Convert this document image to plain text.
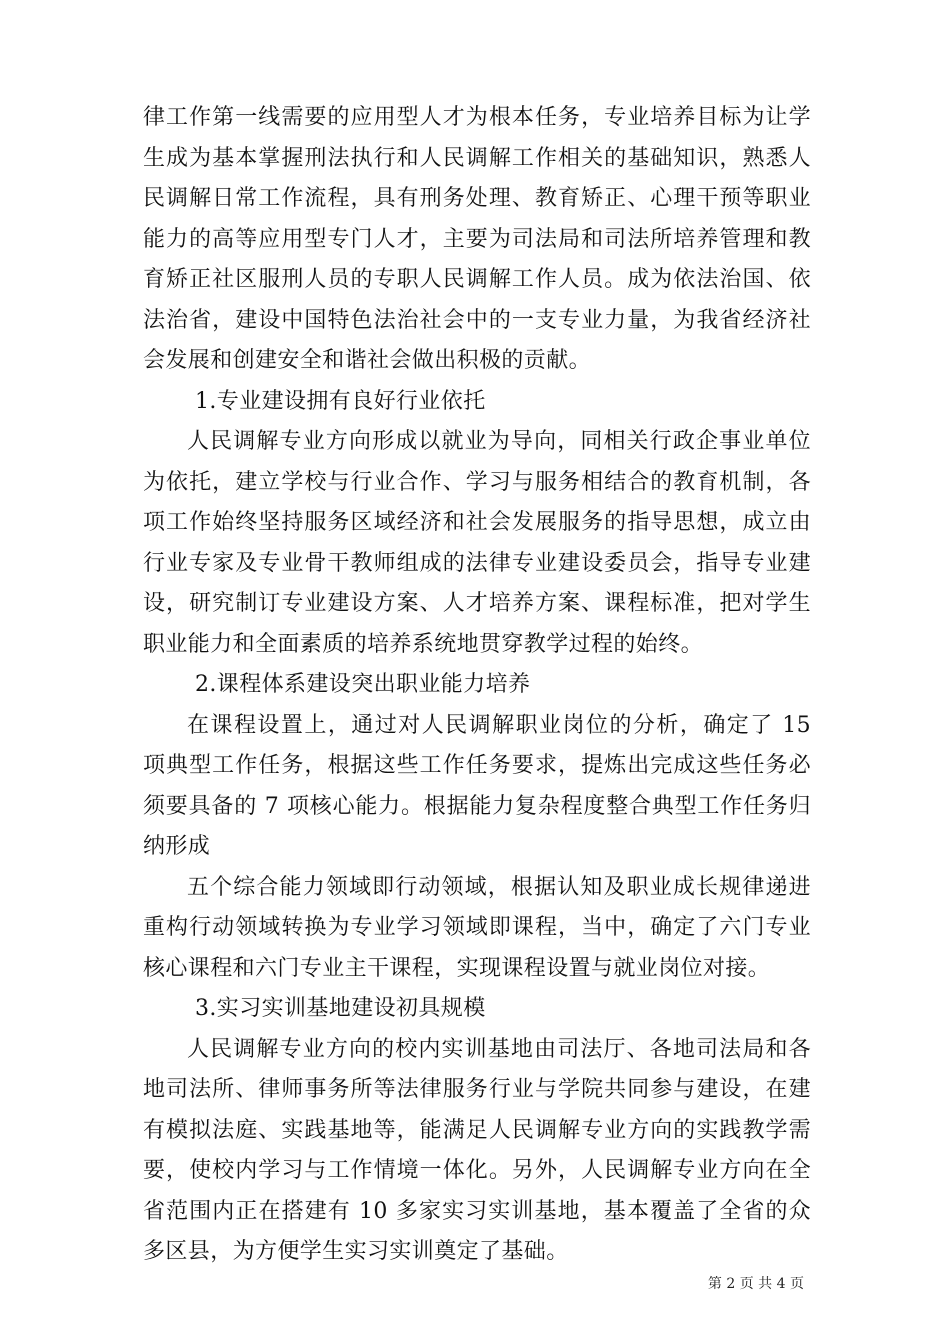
律工作第一线需要的应用型人才为根本任务，专业培养目标为让学生成为基本掌握刑法执行和人民调解工作相关的基础知识，熟悉人民调解日常工作流程，具有刑务处理、教育矫正、心理干预等职业能力的高等应用型专门人才，主要为司法局和司法所培养管理和教育矫正社区服刑人员的专职人民调解工作人员。成为依法治国、依法治省，建设中国特色法治社会中的一支专业力量，为我省经济社会发展和创建安全和谐社会做出积极的贡献。

1.专业建设拥有良好行业依托

人民调解专业方向形成以就业为导向，同相关行政企事业单位为依托，建立学校与行业合作、学习与服务相结合的教育机制，各项工作始终坚持服务区域经济和社会发展服务的指导思想，成立由行业专家及专业骨干教师组成的法律专业建设委员会，指导专业建设，研究制订专业建设方案、人才培养方案、课程标准，把对学生职业能力和全面素质的培养系统地贯穿教学过程的始终。

2.课程体系建设突出职业能力培养

在课程设置上，通过对人民调解职业岗位的分析，确定了 15 项典型工作任务，根据这些工作任务要求，提炼出完成这些任务必须要具备的 7 项核心能力。根据能力复杂程度整合典型工作任务归纳形成

五个综合能力领域即行动领域，根据认知及职业成长规律递进重构行动领域转换为专业学习领域即课程，当中，确定了六门专业核心课程和六门专业主干课程，实现课程设置与就业岗位对接。

3.实习实训基地建设初具规模

人民调解专业方向的校内实训基地由司法厅、各地司法局和各地司法所、律师事务所等法律服务行业与学院共同参与建设，在建有模拟法庭、实践基地等，能满足人民调解专业方向的实践教学需要，使校内学习与工作情境一体化。另外，人民调解专业方向在全省范围内正在搭建有 10 多家实习实训基地，基本覆盖了全省的众多区县，为方便学生实习实训奠定了基础。

第 2 页 共 4 页
